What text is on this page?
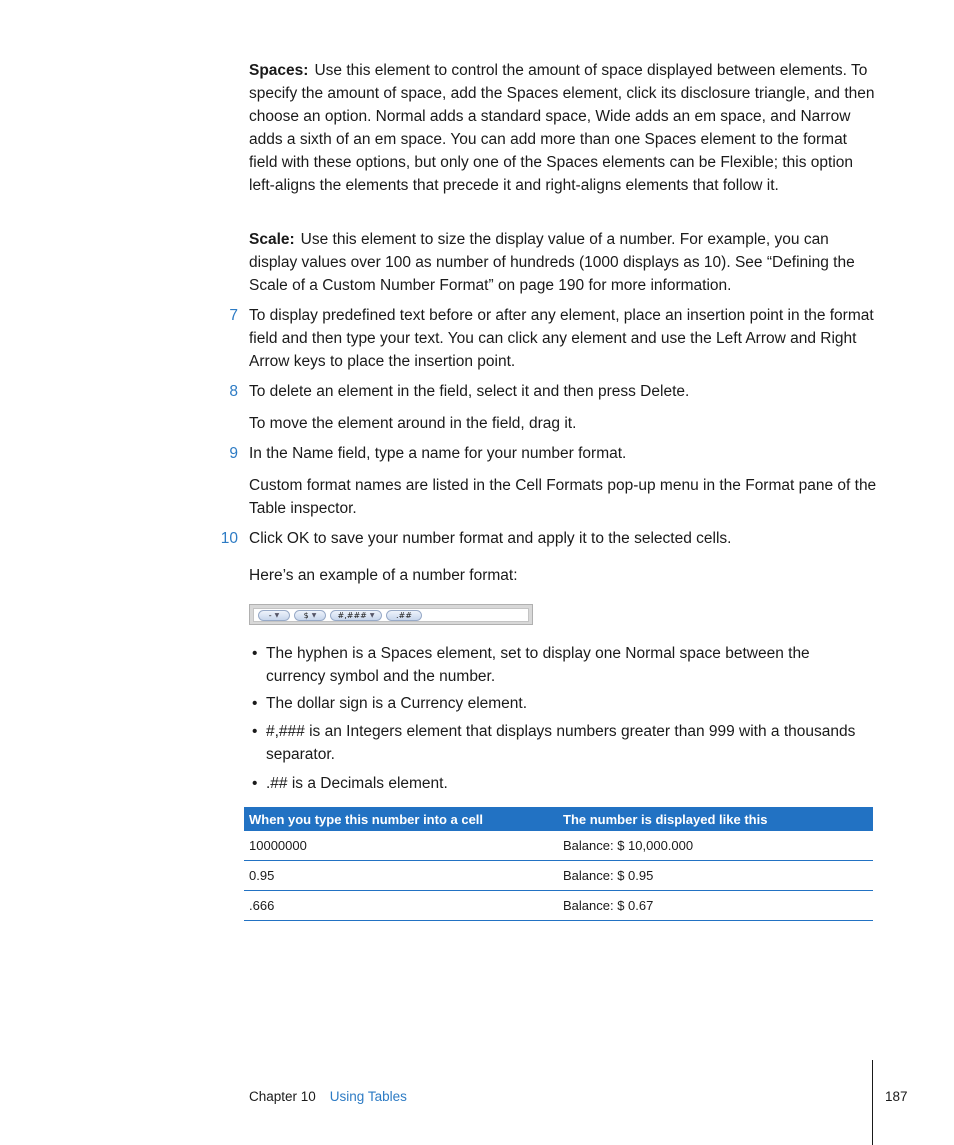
Spaces: Use this element to control the amount of space displayed between elements. To specify the amount of space, add the Spaces element, click its disclosure triangle, and then choose an option. Normal adds a standard space, Wide adds an em space, and Narrow adds a sixth of an em space. You can add more than one Spaces element to the format field with these options, but only one of the Spaces elements can be Flexible; this option left-aligns the elements that precede it and right-aligns elements that follow it.

Scale: Use this element to size the display value of a number. For example, you can display values over 100 as number of hundreds (1000 displays as 10). See “Defining the Scale of a Custom Number Format” on page 190 for more information.

7 To display predefined text before or after any element, place an insertion point in the format field and then type your text. You can click any element and use the Left Arrow and Right Arrow keys to place the insertion point.

8 To delete an element in the field, select it and then press Delete.

To move the element around in the field, drag it.

9 In the Name field, type a name for your number format.

Custom format names are listed in the Cell Formats pop-up menu in the Format pane of the Table inspector.

10 Click OK to save your number format and apply it to the selected cells.

Here’s an example of a number format:

- ▼	$ ▼	#,### ▼	.##
• The hyphen is a Spaces element, set to display one Normal space between the currency symbol and the number.
• The dollar sign is a Currency element.
• #,### is an Integers element that displays numbers greater than 999 with a thousands separator.
• .## is a Decimals element.
When you type this number into a cell	The number is displayed like this
10000000	Balance: $ 10,000.000
0.95	Balance: $ 0.95
.666	Balance: $ 0.67
Chapter 10 Using Tables	187
